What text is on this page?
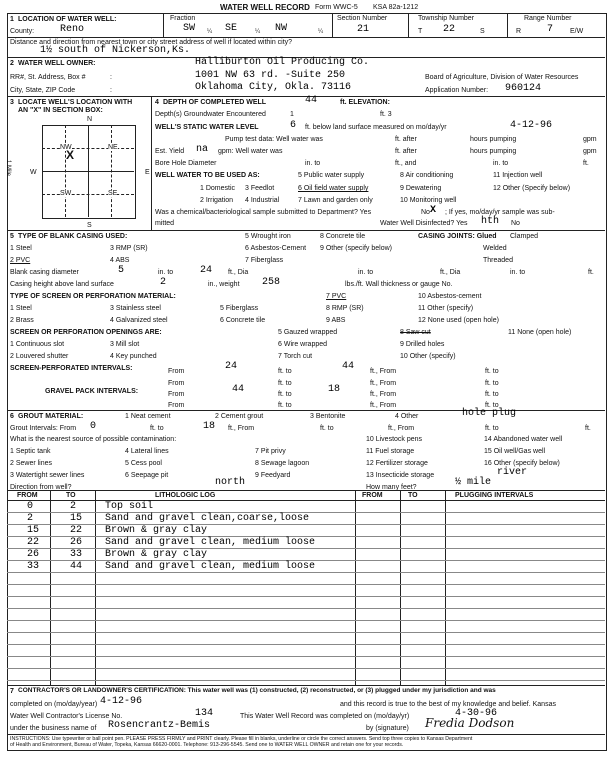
WATER WELL RECORD Form WWC-5 KSA 82a-1212
1 LOCATION OF WATER WELL:
County:	Reno
Fraction
SW ¼ SE	¼ NW	¼
Section Number
21
Township Number
T 22	S
Range Number
R	7 E/W
Distance and direction from nearest town or city street address of well if located within city?
1½ south of Nickerson,Ks.
2 WATER WELL OWNER:	Halliburton Oil Producing Co.
RR#, St. Address, Box #	:	1001 NW 63 rd. -Suite 250
City, State, ZIP Code	:	Oklahoma City, Okla. 73116
Board of Agriculture, Division of Water Resources
Application Number: 960124
3 LOCATE WELL'S LOCATION WITH
AN "X" IN SECTION BOX:
N
S
W	E
1 Mile
NW	NE
SW	SE
X
4 DEPTH OF COMPLETED WELL	44	ft. ELEVATION:
Depth(s) Groundwater Encountered	1	ft. 3
WELL'S STATIC WATER LEVEL	6 ft. below land surface measured on mo/day/yr	4-12-96
Pump test data: Well water was	ft. after	hours pumping	gpm
Est. Yield na gpm: Well water was	ft. after	hours pumping	gpm
Bore Hole Diameter	in. to	ft., and	in. to	ft.
WELL WATER TO BE USED AS:	5 Public water supply	8 Air conditioning	11 Injection well
1 Domestic 3 Feedlot	6 Oil field water supply	9 Dewatering	12 Other (Specify below)
2 Irrigation 4 Industrial	7 Lawn and garden only	10 Monitoring well
Was a chemical/bacteriological sample submitted to Department? Yes	No X ; If yes, mo/day/yr sample was sub-
mitted	Water Well Disinfected? Yes hth No
5 TYPE OF BLANK CASING USED:	5 Wrought iron	8 Concrete tile	CASING JOINTS: Glued Clamped
1 Steel	3 RMP (SR)	6 Asbestos-Cement 9 Other (specify below)	Welded
2 PVC	4 ABS	7 Fiberglass	Threaded
Blank casing diameter	5	in. to	24 ft., Dia	in. to	ft., Dia	in. to	ft.
Casing height above land surface	2	in., weight 258	lbs./ft. Wall thickness or gauge No.
TYPE OF SCREEN OR PERFORATION MATERIAL:	7 PVC	10 Asbestos-cement
1 Steel	3 Stainless steel	5 Fiberglass	8 RMP (SR)	11 Other (specify)
2 Brass	4 Galvanized steel	6 Concrete tile	9 ABS	12 None used (open hole)
SCREEN OR PERFORATION OPENINGS ARE:	5 Gauzed wrapped	8 Saw cut	11 None (open hole)
1 Continuous slot	3 Mill slot	6 Wire wrapped	9 Drilled holes
2 Louvered shutter	4 Key punched	7 Torch cut	10 Other (specify)
SCREEN-PERFORATED INTERVALS:	From	24	ft. to	44 ft., From	ft. to
From	ft. to	ft., From	ft. to
GRAVEL PACK INTERVALS:	From	44	ft. to	18	ft., From	ft. to
From	ft. to	ft., From	ft. to
6 GROUT MATERIAL:	1 Neat cement	2 Cement grout	3 Bentonite	4 Other	hole plug
Grout Intervals: From 0	ft. to	18 ft., From	ft. to	ft., From	ft. to	ft.
What is the nearest source of possible contamination:	10 Livestock pens	14 Abandoned water well
1 Septic tank	4 Lateral lines	7 Pit privy	11 Fuel storage	15 Oil well/Gas well
2 Sewer lines	5 Cess pool	8 Sewage lagoon	12 Fertilizer storage	16 Other (specify below)
3 Watertight sewer lines	6 Seepage pit	9 Feedyard	13 Insecticide storage	river
Direction from well?	north	How many feet?	½ mile
FROM	TO	LITHOLOGIC LOG	FROM	TO	PLUGGING INTERVALS
0	2	Top soil
2	15 Sand and gravel clean,coarse,loose
15	22 Brown & gray clay
22	26 Sand and gravel clean, medium loose
26	33 Brown & gray clay
33	44 Sand and gravel clean, medium loose
7 CONTRACTOR'S OR LANDOWNER'S CERTIFICATION: This water well was (1) constructed, (2) reconstructed, or (3) plugged under my jurisdiction and was
completed on (mo/day/year) 4-12-96	and this record is true to the best of my knowledge and belief. Kansas
Water Well Contractor's License No.	134	This Water Well Record was completed on (mo/day/yr)	4-30-96
under the business name of Rosencrantz-Bemis	by (signature) Fredia Dodson
INSTRUCTIONS: Use typewriter or ball point pen. PLEASE PRESS FIRMLY and PRINT clearly. Please fill in blanks, underline or circle the correct answers. Send top three copies to Kansas Department
of Health and Environment, Bureau of Water, Topeka, Kansas 66620-0001. Telephone: 913-296-5545. Send one to WATER WELL OWNER and retain one for your records.
